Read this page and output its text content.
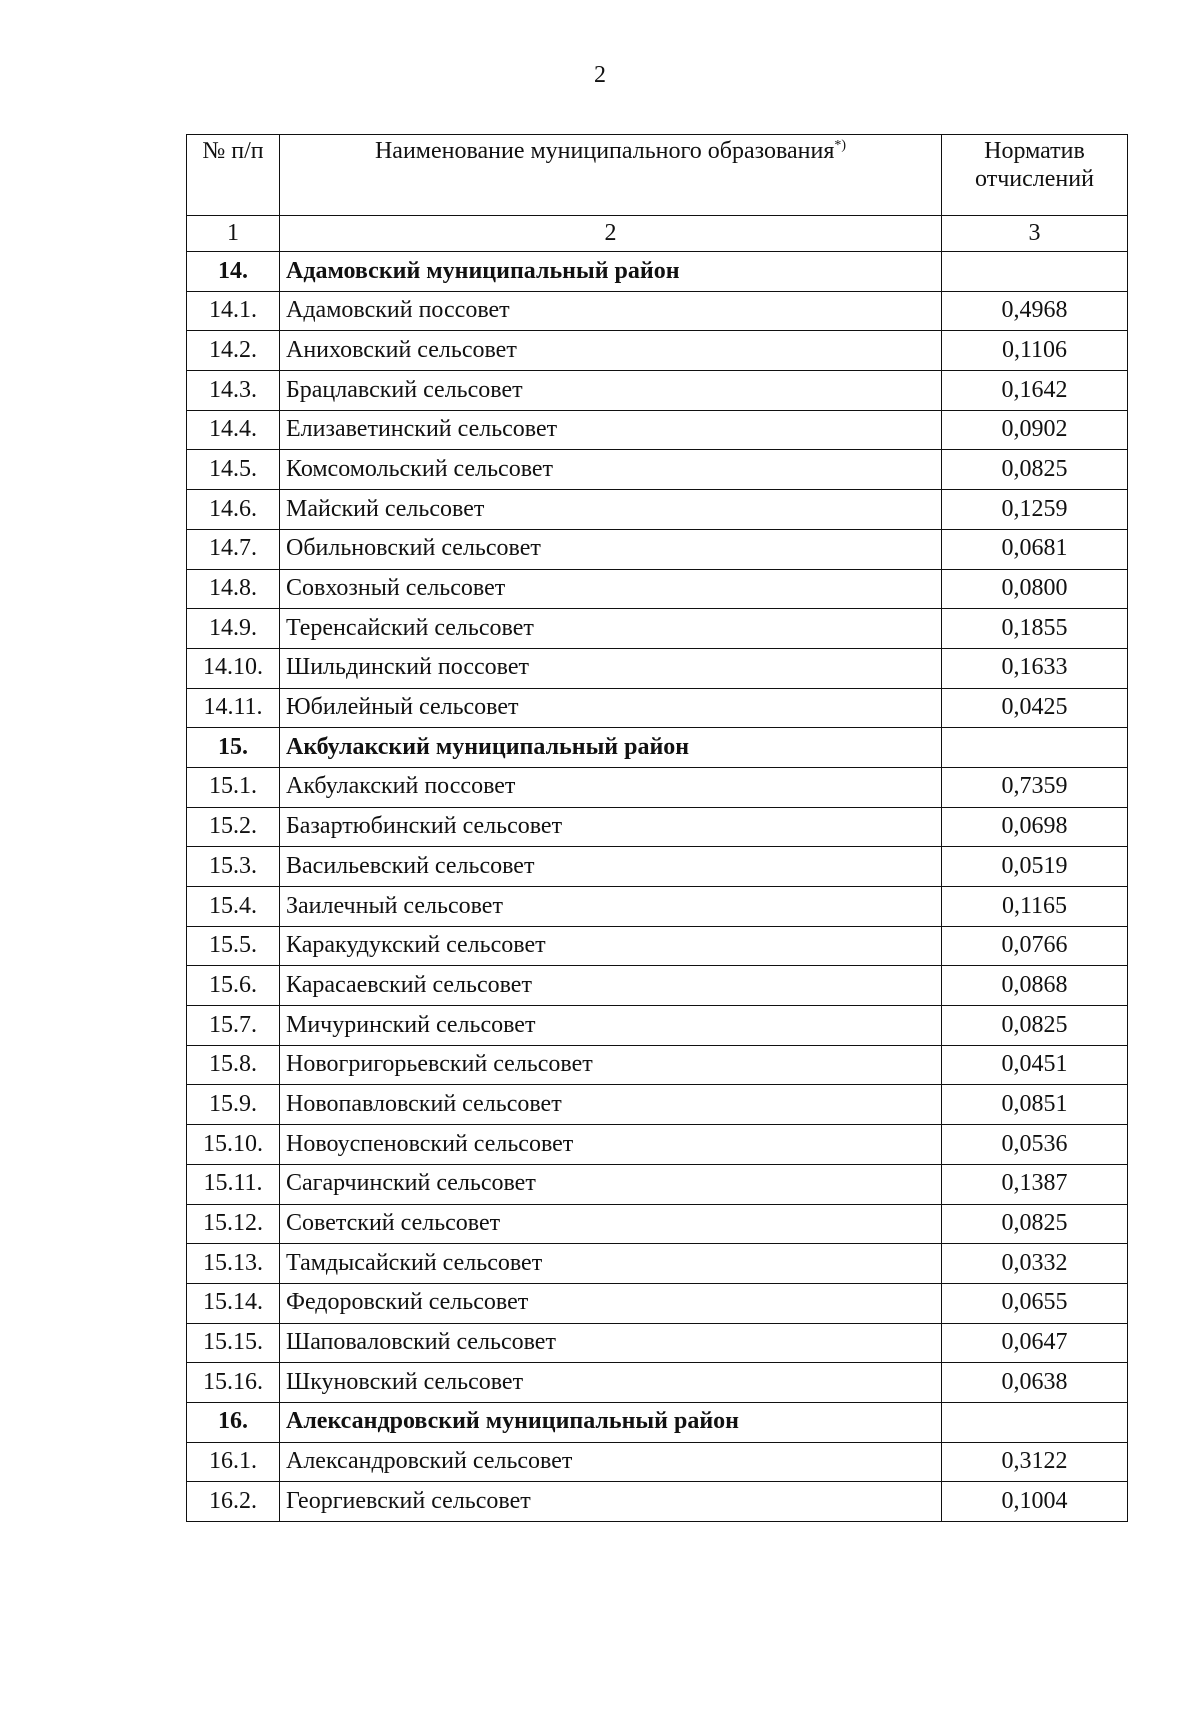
2
№ п/п	Наименование муниципального образования*)	Норматив отчислений
1	2	3
14.	Адамовский муниципальный район	
14.1.	Адамовский поссовет	0,4968
14.2.	Аниховский сельсовет	0,1106
14.3.	Брацлавский сельсовет	0,1642
14.4.	Елизаветинский сельсовет	0,0902
14.5.	Комсомольский сельсовет	0,0825
14.6.	Майский сельсовет	0,1259
14.7.	Обильновский сельсовет	0,0681
14.8.	Совхозный сельсовет	0,0800
14.9.	Теренсайский сельсовет	0,1855
14.10.	Шильдинский поссовет	0,1633
14.11.	Юбилейный сельсовет	0,0425
15.	Акбулакский муниципальный район	
15.1.	Акбулакский поссовет	0,7359
15.2.	Базартюбинский сельсовет	0,0698
15.3.	Васильевский сельсовет	0,0519
15.4.	Заилечный сельсовет	0,1165
15.5.	Каракудукский сельсовет	0,0766
15.6.	Карасаевский сельсовет	0,0868
15.7.	Мичуринский сельсовет	0,0825
15.8.	Новогригорьевский сельсовет	0,0451
15.9.	Новопавловский сельсовет	0,0851
15.10.	Новоуспеновский сельсовет	0,0536
15.11.	Сагарчинский сельсовет	0,1387
15.12.	Советский сельсовет	0,0825
15.13.	Тамдысайский сельсовет	0,0332
15.14.	Федоровский сельсовет	0,0655
15.15.	Шаповаловский сельсовет	0,0647
15.16.	Шкуновский сельсовет	0,0638
16.	Александровский муниципальный район	
16.1.	Александровский сельсовет	0,3122
16.2.	Георгиевский сельсовет	0,1004
